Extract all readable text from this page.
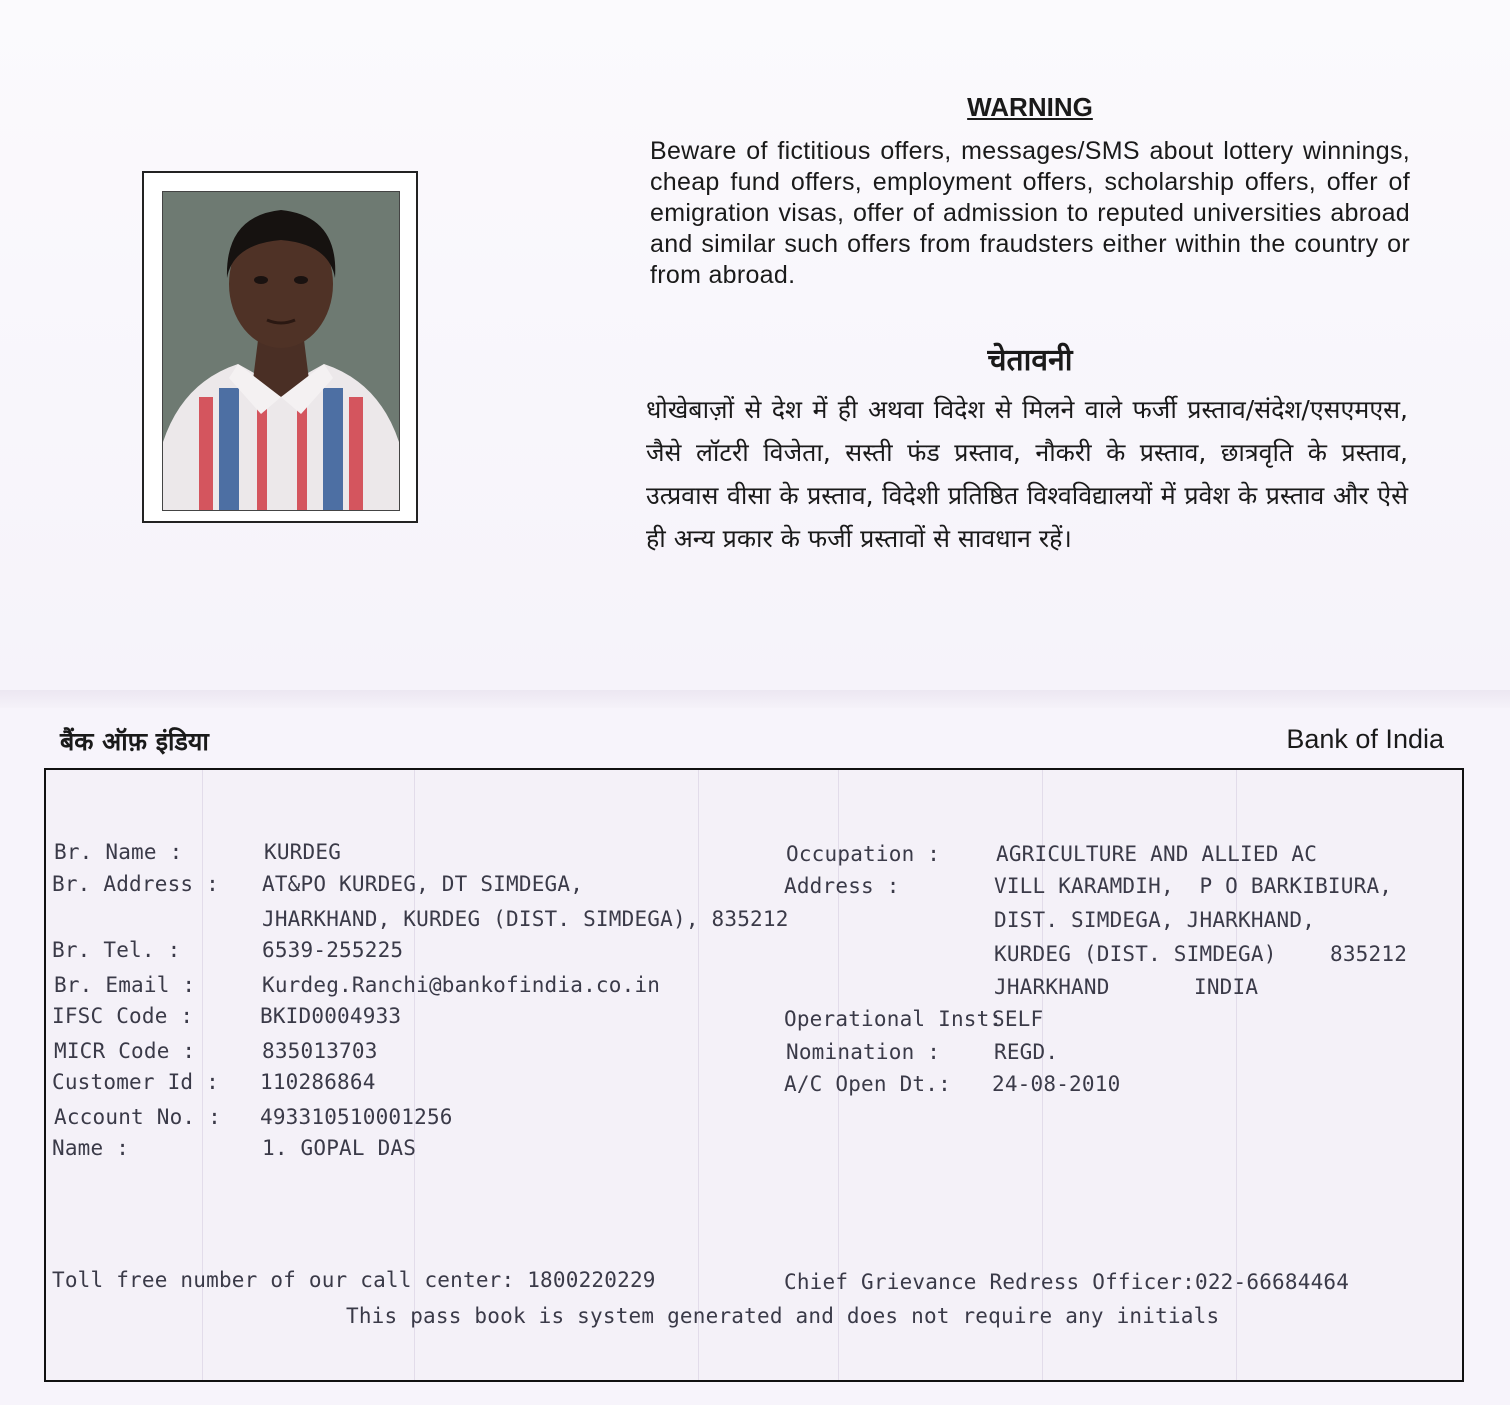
WARNING
Beware of fictitious offers, messages/SMS about lottery winnings, cheap fund offers, employment offers, scholarship offers, offer of emigration visas, offer of admission to reputed universities abroad and similar such offers from fraudsters either within the country or from abroad.
चेतावनी
धोखेबाज़ों से देश में ही अथवा विदेश से मिलने वाले फर्जी प्रस्ताव/संदेश/एसएमएस, जैसे लॉटरी विजेता, सस्ती फंड प्रस्ताव, नौकरी के प्रस्ताव, छात्रवृति के प्रस्ताव, उत्प्रवास वीसा के प्रस्ताव, विदेशी प्रतिष्ठित विश्वविद्यालयों में प्रवेश के प्रस्ताव और ऐसे ही अन्य प्रकार के फर्जी प्रस्तावों से सावधान रहें।
बैंक ऑफ़ इंडिया	Bank of India
Br. Name :	KURDEG
Br. Address : AT&PO KURDEG, DT SIMDEGA,
JHARKHAND, KURDEG (DIST. SIMDEGA), 835212
Br. Tel. :	6539-255225
Br. Email :	Kurdeg.Ranchi@bankofindia.co.in
IFSC Code :	BKID0004933
MICR Code :	835013703
Customer Id : 110286864
Account No. : 493310510001256
Name :	1. GOPAL DAS
Occupation :	AGRICULTURE AND ALLIED AC
Address :	VILL KARAMDIH,  P O BARKIBIURA,
DIST. SIMDEGA, JHARKHAND,
KURDEG (DIST. SIMDEGA)	835212
JHARKHAND	INDIA
Operational Inst:
SELF
Nomination :	REGD.
A/C Open Dt.: 24-08-2010
Toll free number of our call center: 1800220229	Chief Grievance Redress Officer:022-66684464
This pass book is system generated and does not require any initials
